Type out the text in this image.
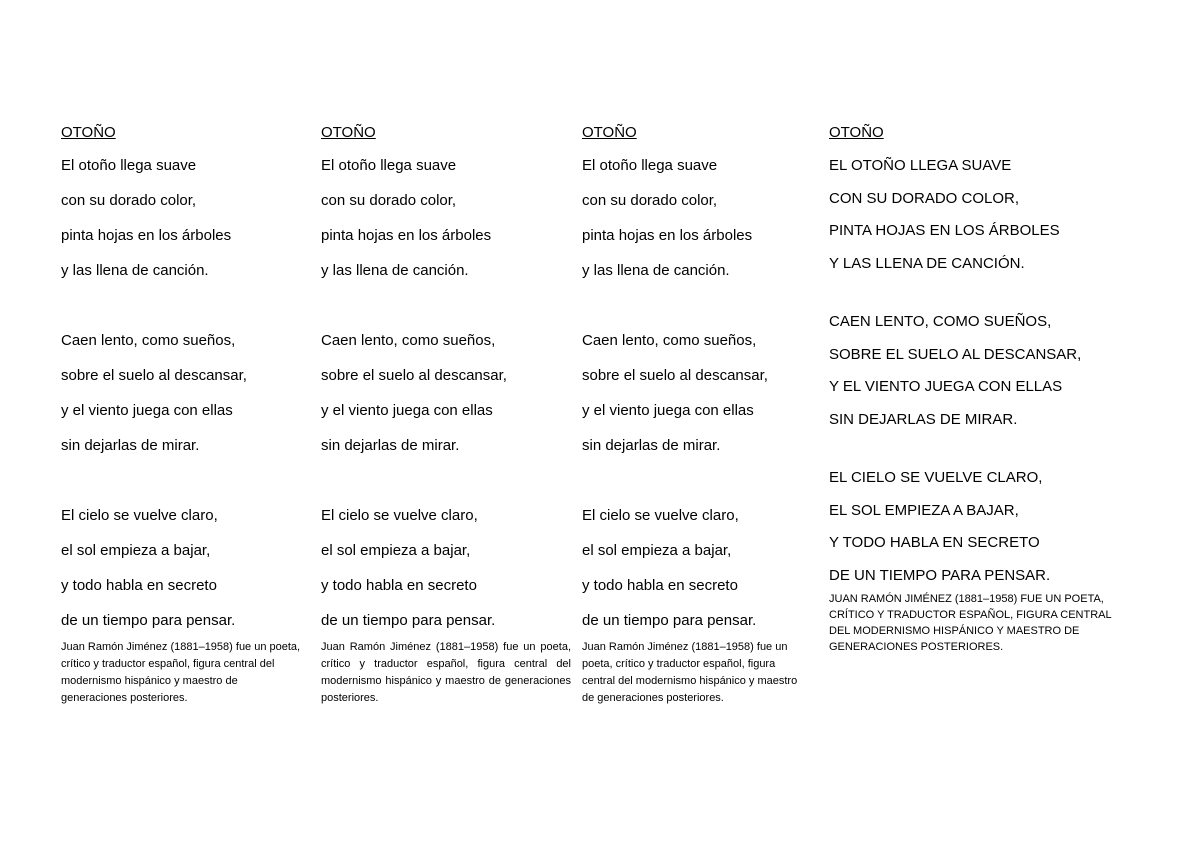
OTOÑO

El otoño llega suave
con su dorado color,
pinta hojas en los árboles
y las llena de canción.
Caen lento, como sueños,
sobre el suelo al descansar,
y el viento juega con ellas
sin dejarlas de mirar.
El cielo se vuelve claro,
el sol empieza a bajar,
y todo habla en secreto
de un tiempo para pensar.

Juan Ramón Jiménez (1881–1958) fue un poeta, crítico y traductor español, figura central del modernismo hispánico y maestro de generaciones posteriores.

OTOÑO

El otoño llega suave
con su dorado color,
pinta hojas en los árboles
y las llena de canción.
Caen lento, como sueños,
sobre el suelo al descansar,
y el viento juega con ellas
sin dejarlas de mirar.
El cielo se vuelve claro,
el sol empieza a bajar,
y todo habla en secreto
de un tiempo para pensar.

Juan Ramón Jiménez (1881–1958) fue un poeta, crítico y traductor español, figura central del modernismo hispánico y maestro de generaciones posteriores.

OTOÑO

El otoño llega suave
con su dorado color,
pinta hojas en los árboles
y las llena de canción.
Caen lento, como sueños,
sobre el suelo al descansar,
y el viento juega con ellas
sin dejarlas de mirar.
El cielo se vuelve claro,
el sol empieza a bajar,
y todo habla en secreto
de un tiempo para pensar.

Juan Ramón Jiménez (1881–1958) fue un poeta, crítico y traductor español, figura central del modernismo hispánico y maestro de generaciones posteriores.

OTOÑO

EL OTOÑO LLEGA SUAVE
CON SU DORADO COLOR,
PINTA HOJAS EN LOS ÁRBOLES
Y LAS LLENA DE CANCIÓN.
CAEN LENTO, COMO SUEÑOS,
SOBRE EL SUELO AL DESCANSAR,
Y EL VIENTO JUEGA CON ELLAS
SIN DEJARLAS DE MIRAR.
EL CIELO SE VUELVE CLARO,
EL SOL EMPIEZA A BAJAR,
Y TODO HABLA EN SECRETO
DE UN TIEMPO PARA PENSAR.

JUAN RAMÓN JIMÉNEZ (1881–1958) FUE UN POETA, CRÍTICO Y TRADUCTOR ESPAÑOL, FIGURA CENTRAL DEL MODERNISMO HISPÁNICO Y MAESTRO DE GENERACIONES POSTERIORES.
